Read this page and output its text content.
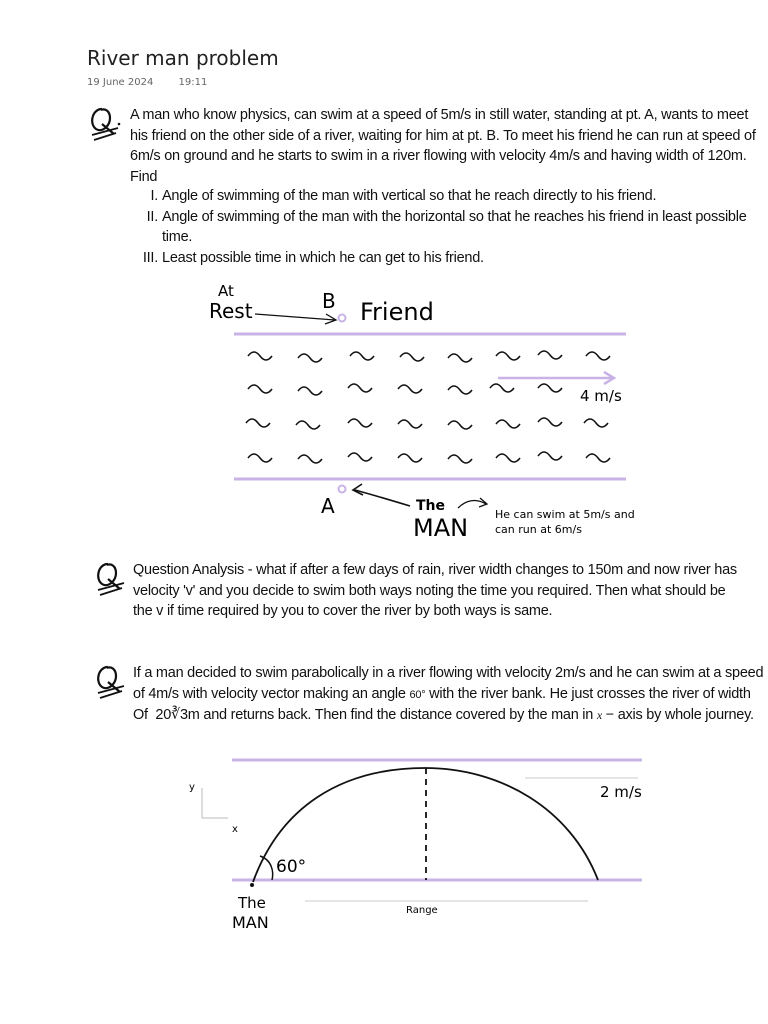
River man problem
19 June 2024	19:11
A man who know physics, can swim at a speed of 5m/s in still water, standing at pt. A, wants to meet his friend on the other side of a river, waiting for him at pt. B. To meet his friend he can run at speed of 6m/s on ground and he starts to swim in a river flowing with velocity 4m/s and having width of 120m. Find
I. Angle of swimming of the man with vertical so that he reach directly to his friend.
II. Angle of swimming of the man with the horizontal so that he reaches his friend in least possible time.
III. Least possible time in which he can get to his friend.
At
Rest	B Friend
4 m/s
A	The
MAN He can swim at 5m/s and
can run at 6m/s
Question Analysis - what if after a few days of rain, river width changes to 150m and now river has velocity 'v' and you decide to swim both ways noting the time you required. Then what should be the v if time required by you to cover the river by both ways is same.
If a man decided to swim parabolically in a river flowing with velocity 2m/s and he can swim at a speed
of 4m/s with velocity vector making an angle 60° with the river bank. He just crosses the river of width
Of 20∛3m and returns back. Then find the distance covered by the man in x − axis by whole journey.
y
x
2 m/s
60°
The
MAN
Range
